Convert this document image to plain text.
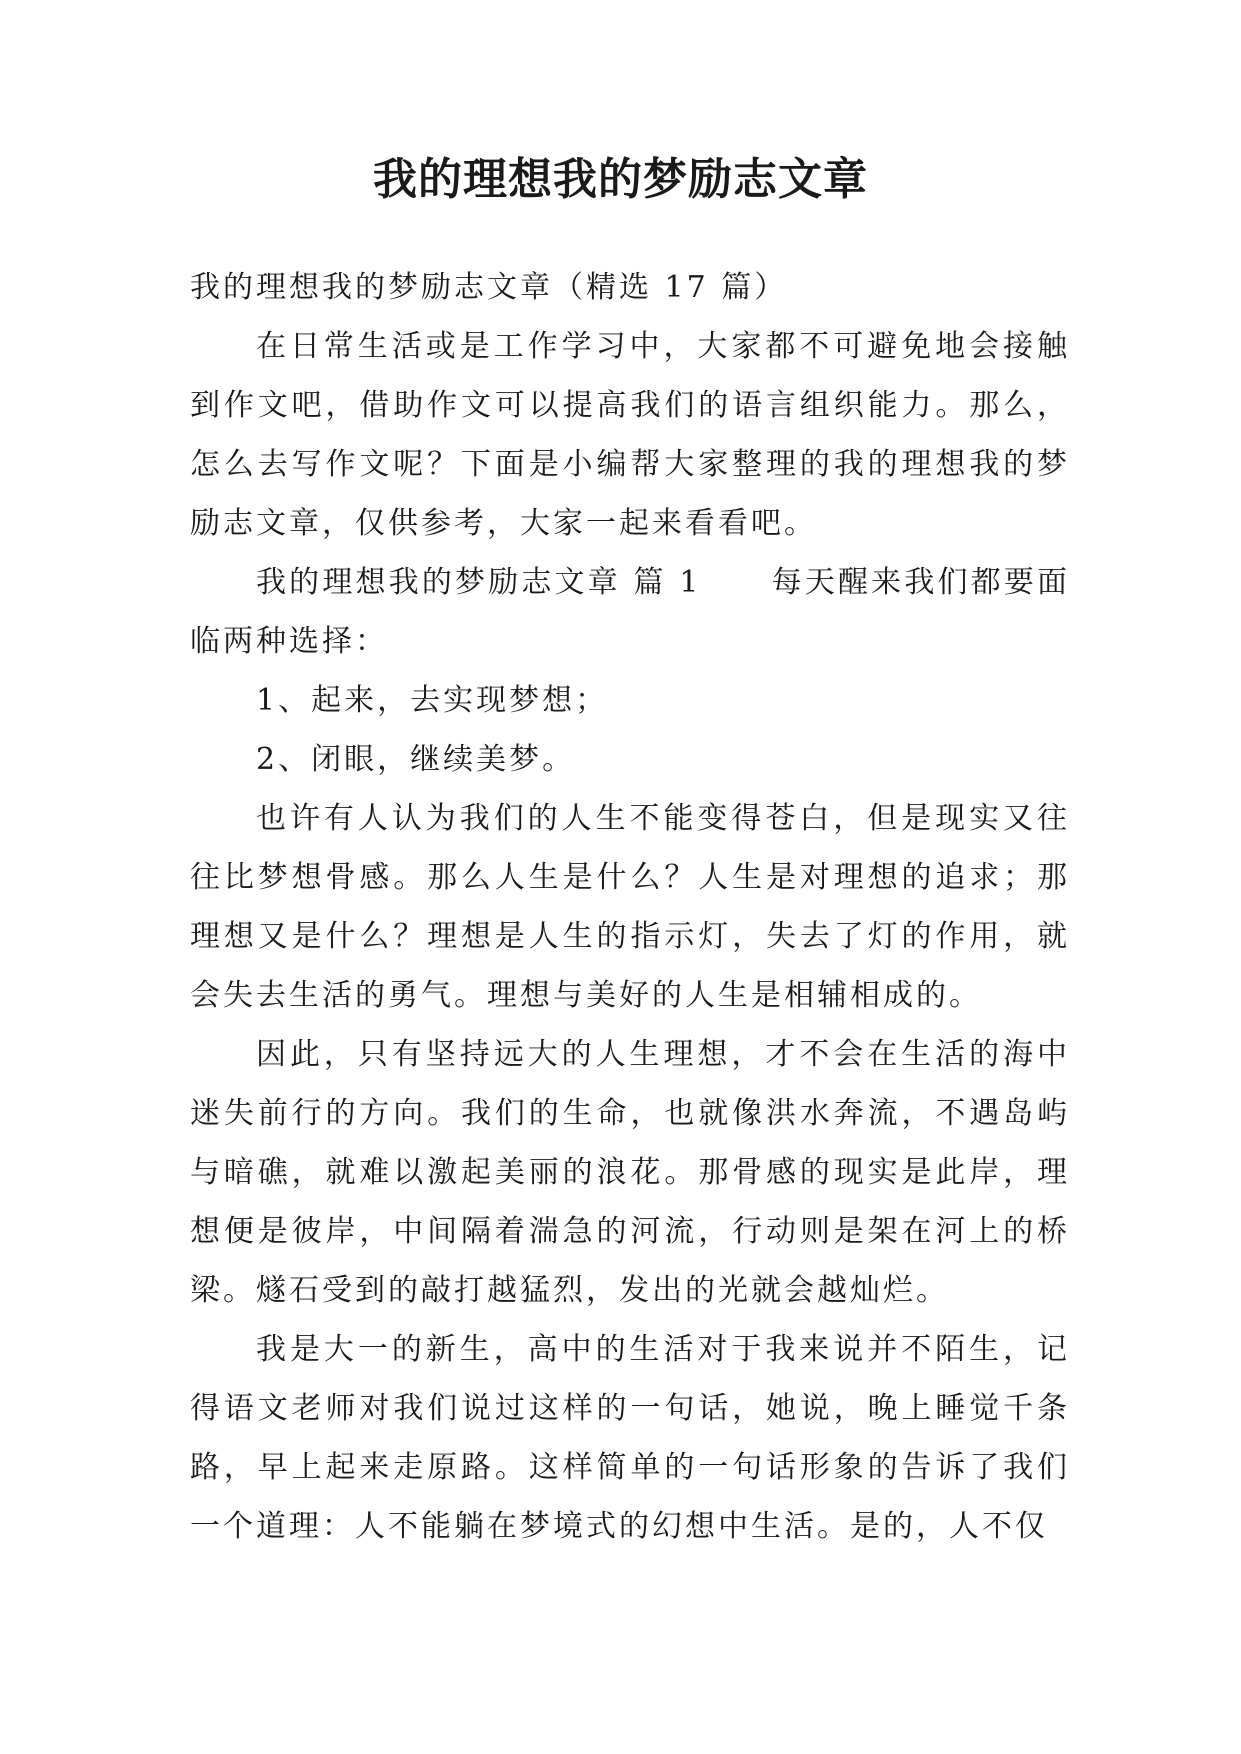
我的理想我的梦励志文章

我的理想我的梦励志文章（精选 17 篇）

在日常生活或是工作学习中，大家都不可避免地会接触到作文吧，借助作文可以提高我们的语言组织能力。那么，怎么去写作文呢？下面是小编帮大家整理的我的理想我的梦励志文章，仅供参考，大家一起来看看吧。

我的理想我的梦励志文章 篇 1 每天醒来我们都要面临两种选择：

1、起来，去实现梦想；

2、闭眼，继续美梦。

也许有人认为我们的人生不能变得苍白，但是现实又往往比梦想骨感。那么人生是什么？人生是对理想的追求；那理想又是什么？理想是人生的指示灯，失去了灯的作用，就会失去生活的勇气。理想与美好的人生是相辅相成的。

因此，只有坚持远大的人生理想，才不会在生活的海中迷失前行的方向。我们的生命，也就像洪水奔流，不遇岛屿与暗礁，就难以激起美丽的浪花。那骨感的现实是此岸，理想便是彼岸，中间隔着湍急的河流，行动则是架在河上的桥梁。燧石受到的敲打越猛烈，发出的光就会越灿烂。

我是大一的新生，高中的生活对于我来说并不陌生，记得语文老师对我们说过这样的一句话，她说，晚上睡觉千条路，早上起来走原路。这样简单的一句话形象的告诉了我们一个道理：人不能躺在梦境式的幻想中生活。是的，人不仅
